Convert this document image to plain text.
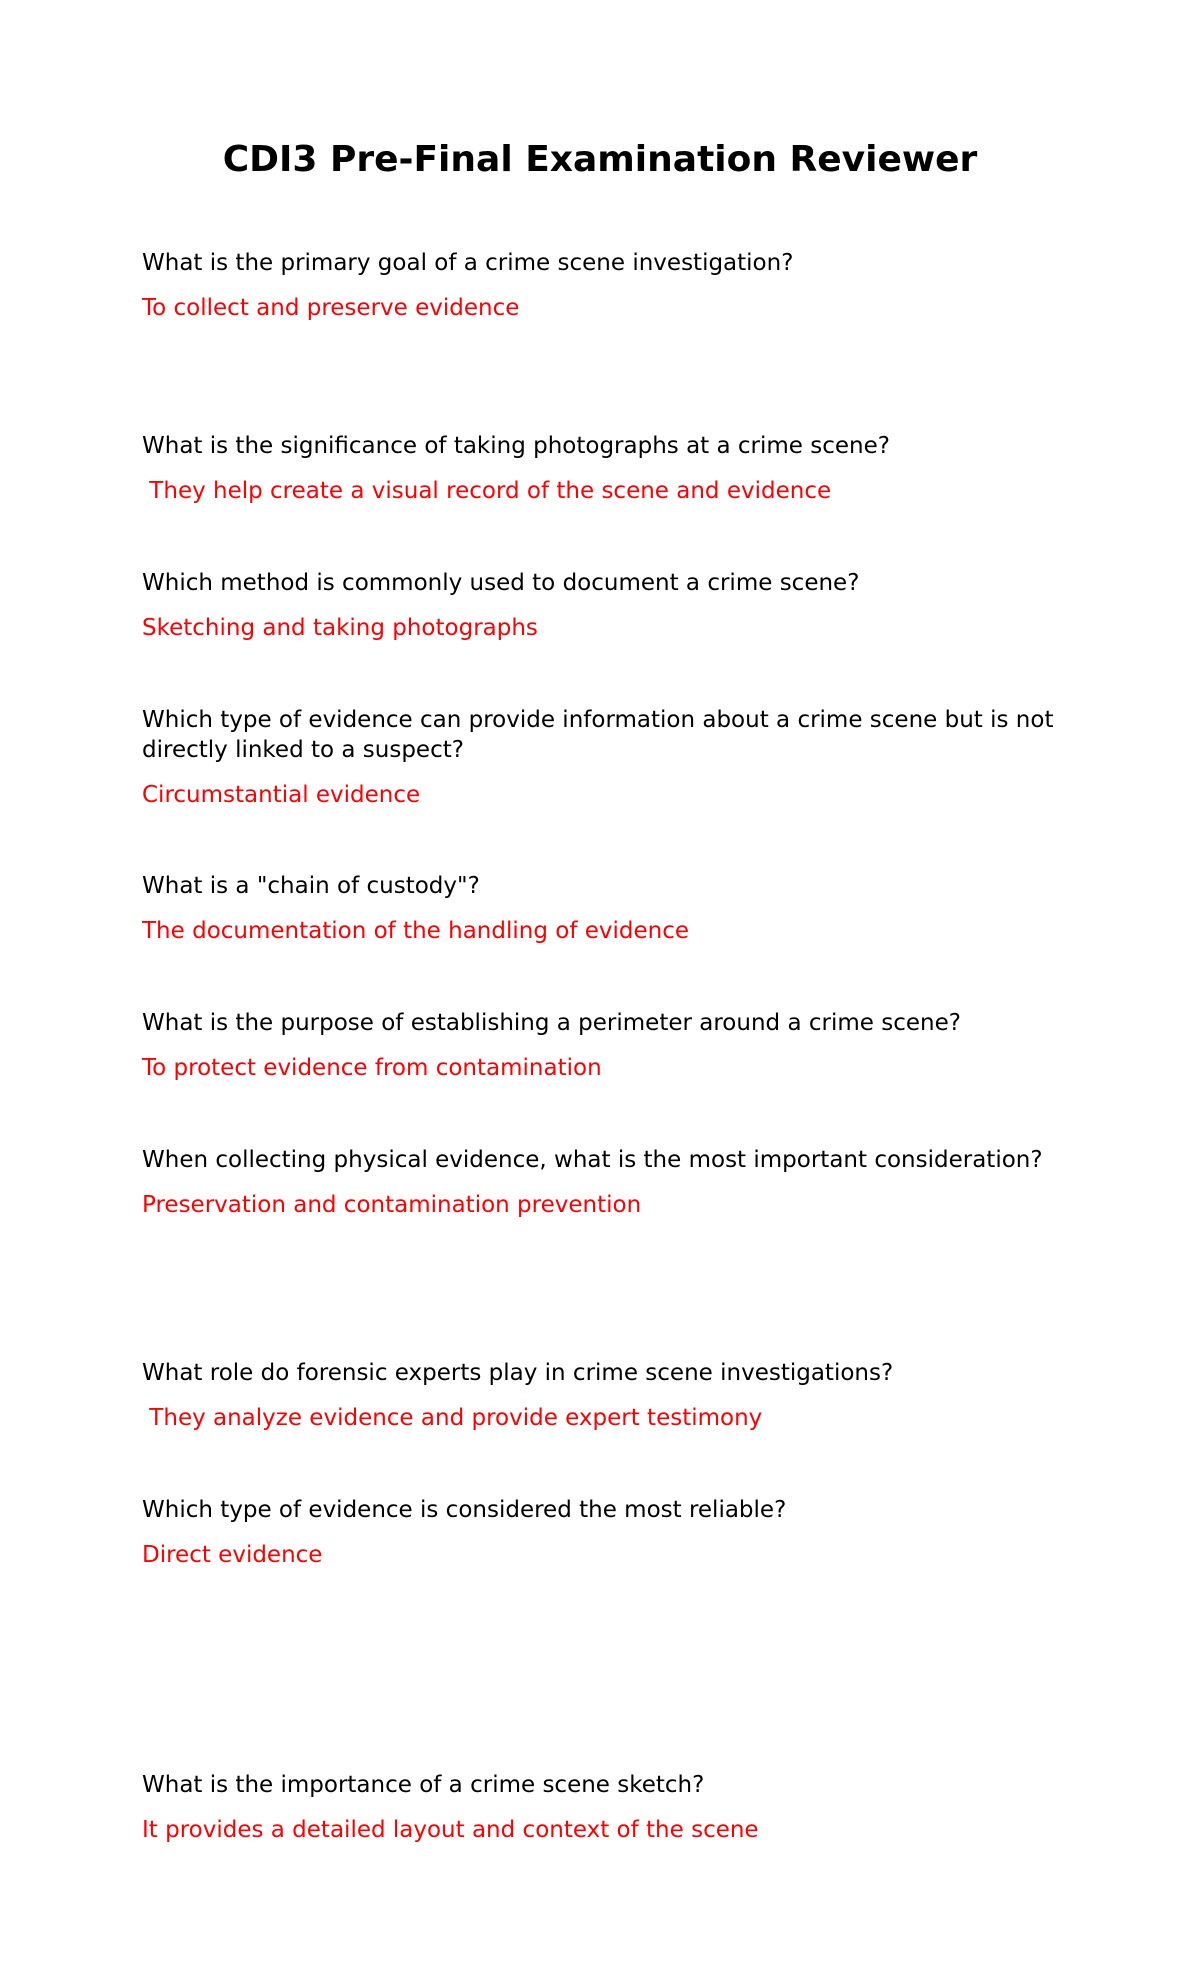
CDI3 Pre-Final Examination Reviewer

What is the primary goal of a crime scene investigation?

To collect and preserve evidence

What is the significance of taking photographs at a crime scene?

They help create a visual record of the scene and evidence

Which method is commonly used to document a crime scene?

Sketching and taking photographs

Which type of evidence can provide information about a crime scene but is not directly linked to a suspect?

Circumstantial evidence

What is a "chain of custody"?

The documentation of the handling of evidence

What is the purpose of establishing a perimeter around a crime scene?

To protect evidence from contamination

When collecting physical evidence, what is the most important consideration?

Preservation and contamination prevention

What role do forensic experts play in crime scene investigations?

They analyze evidence and provide expert testimony

Which type of evidence is considered the most reliable?

Direct evidence

What is the importance of a crime scene sketch?

It provides a detailed layout and context of the scene
